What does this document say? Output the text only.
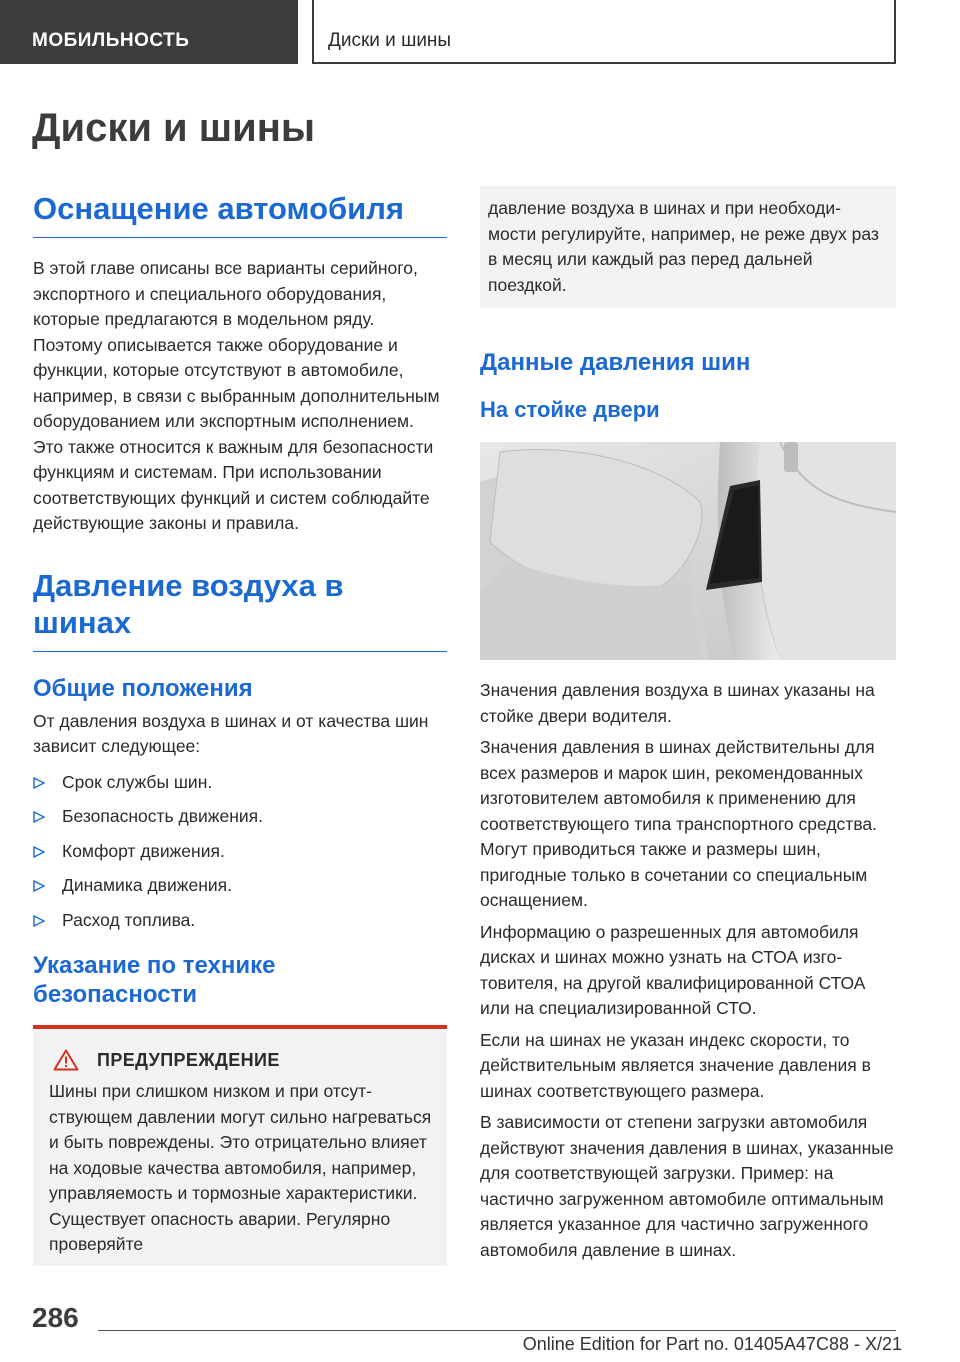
МОБИЛЬНОСТЬ	Диски и шины
Диски и шины
Оснащение автомобиля

В этой главе описаны все варианты серийного, экспортного и специального оборудования, которые предлагаются в модельном ряду. Поэтому описывается также оборудование и функции, которые отсутствуют в автомобиле, например, в связи с выбранным дополнительным оборудованием или экспортным исполнением. Это также относится к важным для безопасности функциям и системам. При использовании соответствующих функций и систем соблюдайте действующие законы и правила.

Давление воздуха в шинах
Общие положения

От давления воздуха в шинах и от качества шин зависит следующее:

Срок службы шин.
Безопасность движения.
Комфорт движения.
Динамика движения.
Расход топлива.
Указание по технике безопасности
ПРЕДУПРЕЖДЕНИЕ

Шины при слишком низком и при отсутствующем давлении могут сильно нагреваться и быть повреждены. Это отрицательно влияет на ходовые качества автомобиля, например, управляемость и тормозные характеристики. Существует опасность аварии. Регулярно проверяйте

давление воздуха в шинах и при необходимости регулируйте, например, не реже двух раз в месяц или каждый раз перед дальней поездкой.

Данные давления шин
На стойке двери

Значения давления воздуха в шинах указаны на стойке двери водителя.

Значения давления в шинах действительны для всех размеров и марок шин, рекомендованных изготовителем автомобиля к применению для соответствующего типа транспортного средства. Могут приводиться также и размеры шин, пригодные только в сочетании со специальным оснащением.

Информацию о разрешенных для автомобиля дисках и шинах можно узнать на СТОА изготовителя, на другой квалифицированной СТОА или на специализированной СТО.

Если на шинах не указан индекс скорости, то действительным является значение давления в шинах соответствующего размера.

В зависимости от степени загрузки автомобиля действуют значения давления в шинах, указанные для соответствующей загрузки. Пример: на частично загруженном автомобиле оптимальным является указанное для частично загруженного автомобиля давление в шинах.

286
Online Edition for Part no. 01405A47C88 - X/21
